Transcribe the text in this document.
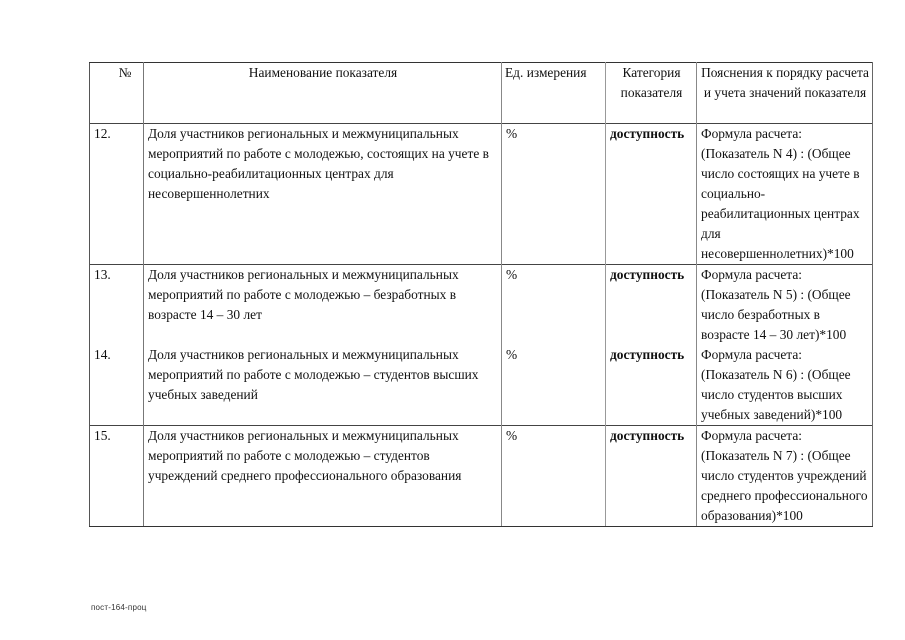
№	Наименование показателя	Ед. измерения	Категория показателя	Пояснения к порядку расчета и учета значений показателя
12.	Доля участников региональных и межмуниципальных мероприятий по работе с молодежью, состоящих на учете в социально-реабилитационных центрах для несовершеннолетних	%	доступность	Формула расчета: (Показатель N 4) : (Общее число состоящих на учете в социально-реабилитационных центрах для несовершеннолетних)*100
13.	Доля участников региональных и межмуниципальных мероприятий по работе с молодежью – безработных в возрасте 14 – 30 лет	%	доступность	Формула расчета: (Показатель N 5) : (Общее число безработных в возрасте 14 – 30 лет)*100
14.	Доля участников региональных и межмуниципальных мероприятий по работе с молодежью – студентов высших учебных заведений	%	доступность	Формула расчета: (Показатель N 6) : (Общее число студентов высших учебных заведений)*100
15.	Доля участников региональных и межмуниципальных мероприятий по работе с молодежью – студентов учреждений среднего профессионального образования	%	доступность	Формула расчета: (Показатель N 7) : (Общее число студентов учреждений среднего профессионального образования)*100
пост-164-проц
